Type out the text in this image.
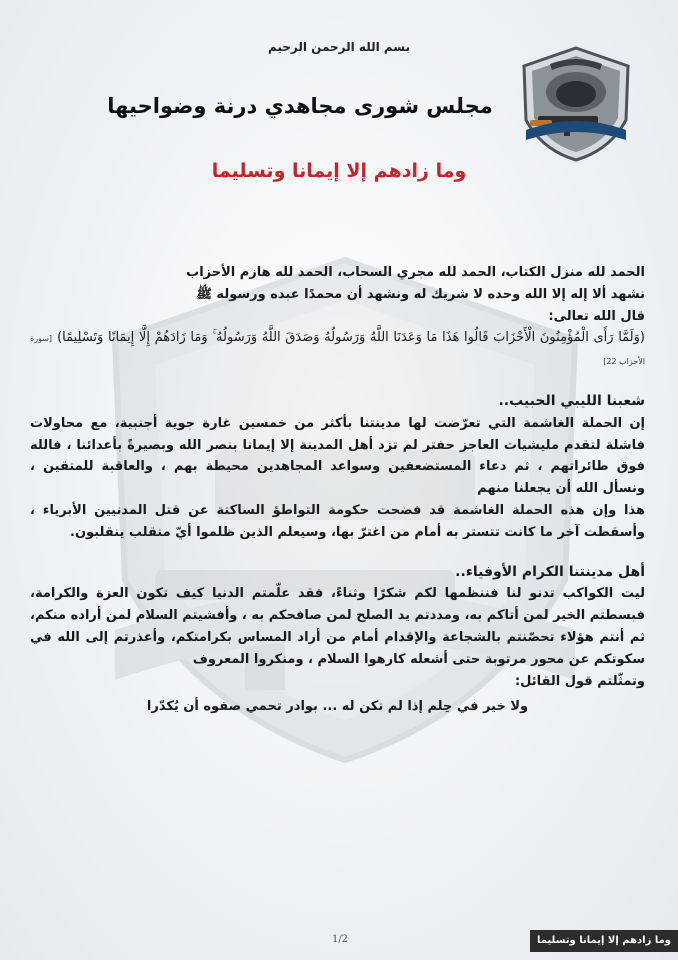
بسم الله الرحمن الرحيم
مجلس شورى مجاهدي درنة وضواحيها
وما زادهم إلا إيمانا وتسليما

الحمد لله منزل الكتاب، الحمد لله مجري السحاب، الحمد لله هازم الأحزاب

نشهد ألا إله إلا الله وحده لا شريك له ونشهد أن محمدًا عبده ورسوله ﷺ

قال الله تعالى:

(وَلَمَّا رَأَى الْمُؤْمِنُونَ الْأَحْزَابَ قَالُوا هَذَا مَا وَعَدَنَا اللَّهُ وَرَسُولُهُ وَصَدَقَ اللَّهُ وَرَسُولُهُ ۚ وَمَا زَادَهُمْ إِلَّا إِيمَانًا وَتَسْلِيمًا) [سورة الأحزاب 22]

شعبنا الليبي الحبيب..

إن الحملة الغاشمة التي تعرّضت لها مدينتنا بأكثر من خمسين غارة جوية أجنبية، مع محاولات فاشلة لتقدم مليشيات العاجز حفتر لم تزد أهل المدينة إلا إيمانا بنصر الله وبصيرةً بأعدائنا ، فالله فوق طائراتهم ، ثم دعاء المستضعفين وسواعد المجاهدين محيطة بهم ، والعاقبة للمتقين ، ونسأل الله أن يجعلنا منهم

هذا وإن هذه الحملة الغاشمة قد فضحت حكومة التواطؤ الساكتة عن قتل المدنيين الأبرياء ، وأسقطت آخر ما كانت تتستر به أمام من اغترّ بها، وسيعلم الذين ظلموا أيّ منقلب ينقلبون.

أهل مدينتنا الكرام الأوفياء..

ليت الكواكب تدنو لنا فننظمها لكم شكرًا وثناءً، فقد علّمتم الدنيا كيف تكون العزة والكرامة، فبسطتم الخير لمن أتاكم به، ومددتم يد الصلح لمن صافحكم به ، وأفشيتم السلام لمن أراده منكم، ثم أنتم هؤلاء تحصّنتم بالشجاعة والإقدام أمام من أراد المساس بكرامتكم، وأعذرتم إلى الله في سكوتكم عن محور مرتوبة حتى أشعله كارهوا السلام ، ومنكروا المعروف

وتمثّلتم قول القائل:

ولا خير في حِلم إذا لم تكن له ... بوادر تحمي صفوه أن يُكدّرا

1/2	وما زادهم إلا إيمانا وتسليما
